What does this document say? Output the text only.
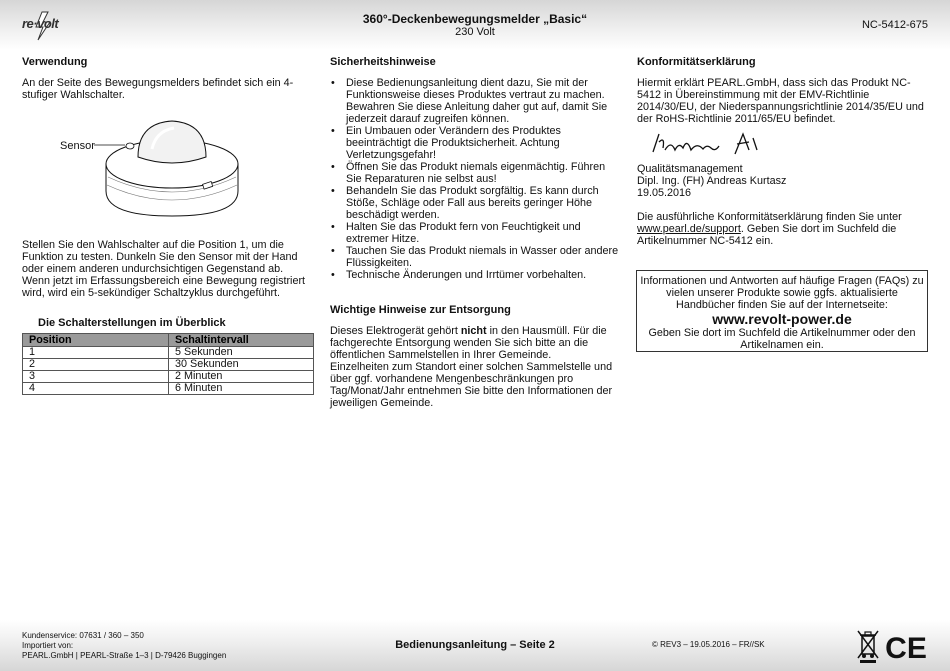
re·volt	360°-Deckenbewegungsmelder „Basic“
230 Volt
NC-5412-675
Verwendung

An der Seite des Bewegungsmelders befindet sich ein 4-stufiger Wahlschalter.

Sensor

Stellen Sie den Wahlschalter auf die Position 1, um die Funktion zu testen. Dunkeln Sie den Sensor mit der Hand oder einem anderen undurchsichtigen Gegenstand ab.

Wenn jetzt im Erfassungsbereich eine Bewegung registriert wird, wird ein 5-sekündiger Schaltzyklus durchgeführt.

Die Schalterstellungen im Überblick
Position	Schaltintervall
1	5 Sekunden
2	30 Sekunden
3	2 Minuten
4	6 Minuten
Sicherheitshinweise
• Diese Bedienungsanleitung dient dazu, Sie mit der Funktionsweise dieses Produktes vertraut zu machen. Bewahren Sie diese Anleitung daher gut auf, damit Sie jederzeit darauf zugreifen können.
• Ein Umbauen oder Verändern des Produktes beeinträchtigt die Produktsicherheit. Achtung Verletzungsgefahr!
• Öffnen Sie das Produkt niemals eigenmächtig. Führen Sie Reparaturen nie selbst aus!
• Behandeln Sie das Produkt sorgfältig. Es kann durch Stöße, Schläge oder Fall aus bereits geringer Höhe beschädigt werden.
• Halten Sie das Produkt fern von Feuchtigkeit und extremer Hitze.
• Tauchen Sie das Produkt niemals in Wasser oder andere Flüssigkeiten.
• Technische Änderungen und Irrtümer vorbehalten.
Wichtige Hinweise zur Entsorgung

Dieses Elektrogerät gehört nicht in den Hausmüll. Für die fachgerechte Entsorgung wenden Sie sich bitte an die öffentlichen Sammelstellen in Ihrer Gemeinde.

Einzelheiten zum Standort einer solchen Sammelstelle und über ggf. vorhandene Mengenbeschränkungen pro Tag/Monat/Jahr entnehmen Sie bitte den Informationen der jeweiligen Gemeinde.

Konformitätserklärung

Hiermit erklärt PEARL.GmbH, dass sich das Produkt NC-5412 in Übereinstimmung mit der EMV-Richtlinie 2014/30/EU, der Niederspannungsrichtlinie 2014/35/EU und der RoHS-Richtlinie 2011/65/EU befindet.

Qualitätsmanagement

Dipl. Ing. (FH) Andreas Kurtasz

19.05.2016

Die ausführliche Konformitätserklärung finden Sie unter www.pearl.de/support. Geben Sie dort im Suchfeld die Artikelnummer NC-5412 ein.

Informationen und Antworten auf häufige Fragen (FAQs) zu vielen unserer Produkte sowie ggfs. aktualisierte Handbücher finden Sie auf der Internetseite:
www.revolt-power.de
Geben Sie dort im Suchfeld die Artikelnummer oder den Artikelnamen ein.
Kundenservice: 07631 / 360 – 350
Importiert von:
PEARL.GmbH | PEARL-Straße 1–3 | D-79426 Buggingen
Bedienungsanleitung – Seite 2	© REV3 – 19.05.2016 – FR//SK	CE
